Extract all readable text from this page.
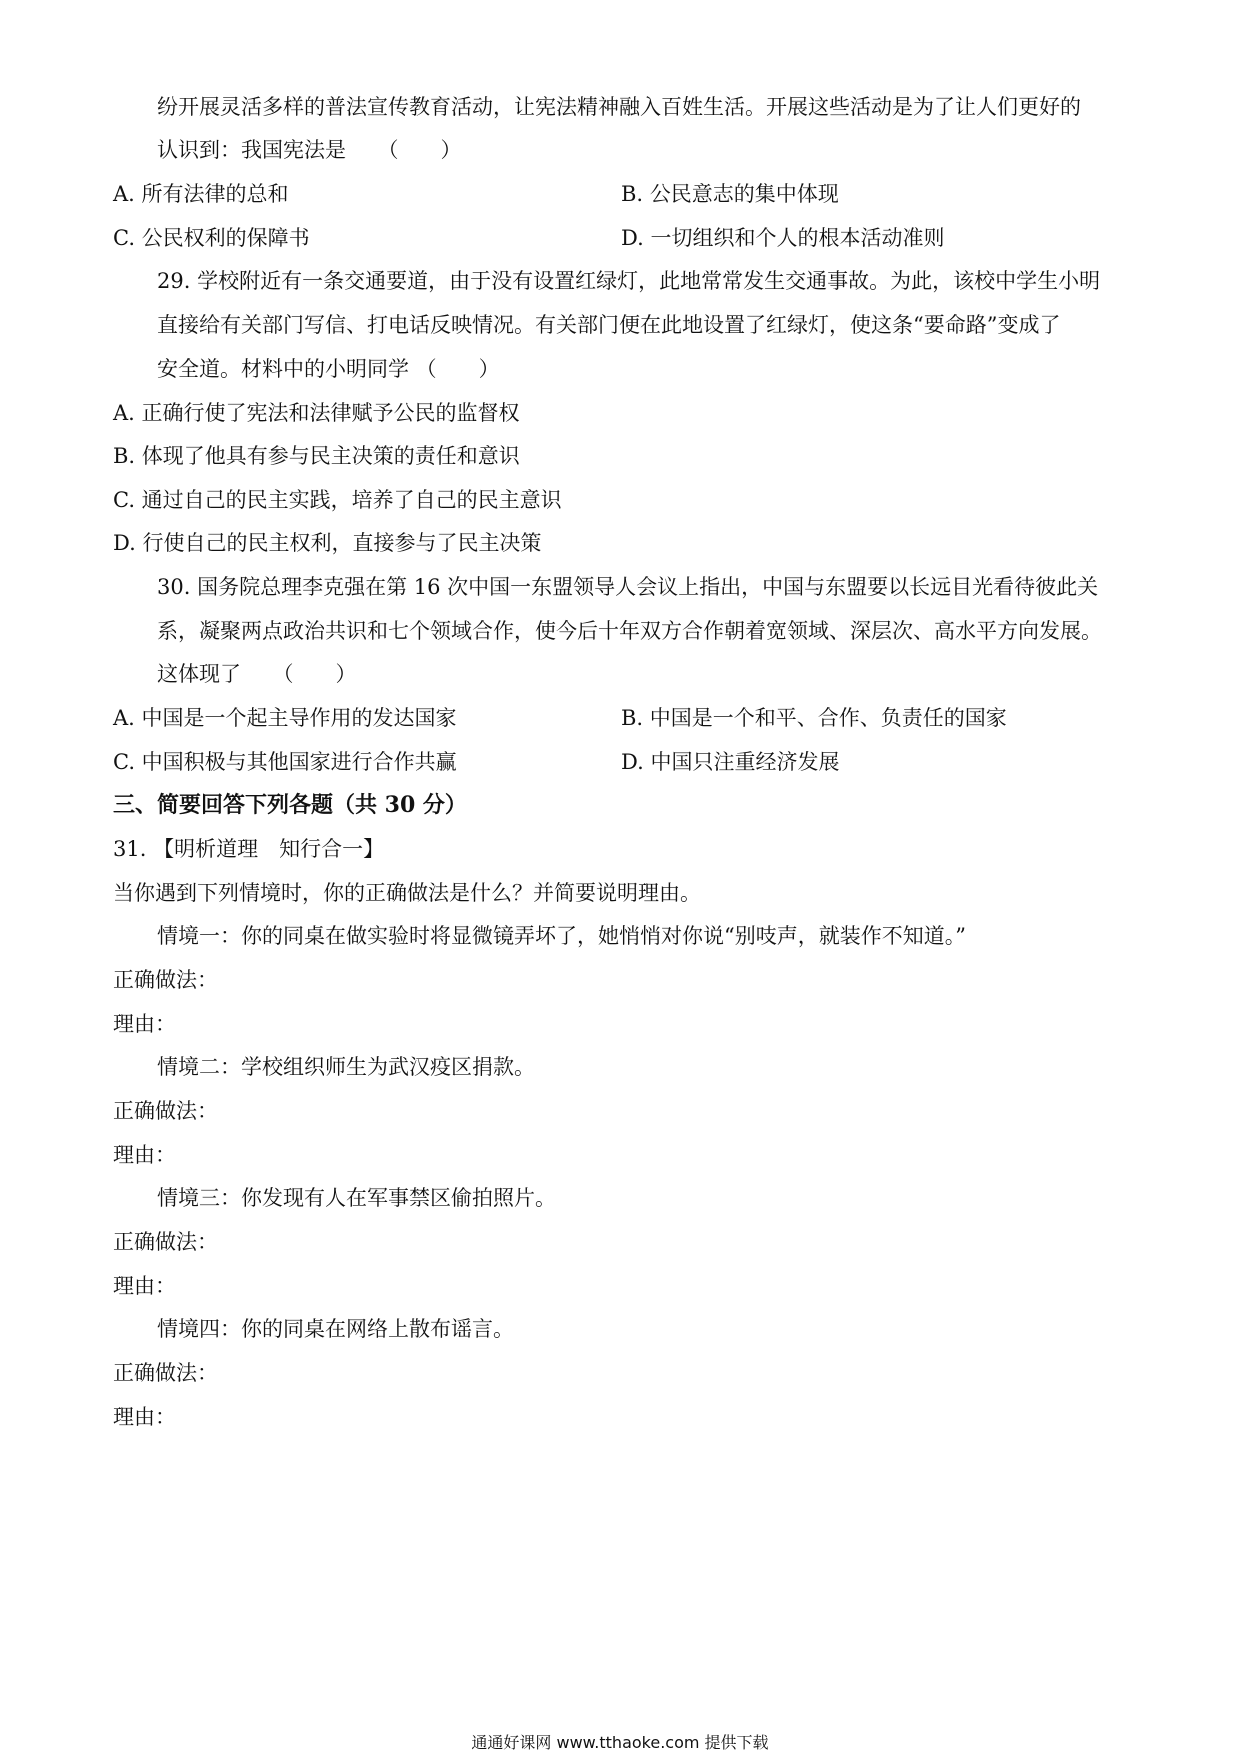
纷开展灵活多样的普法宣传教育活动，让宪法精神融入百姓生活。开展这些活动是为了让人们更好的
认识到：我国宪法是　　（　　）
A. 所有法律的总和	B. 公民意志的集中体现
C. 公民权利的保障书	D. 一切组织和个人的根本活动准则
29. 学校附近有一条交通要道，由于没有设置红绿灯，此地常常发生交通事故。为此，该校中学生小明
直接给有关部门写信、打电话反映情况。有关部门便在此地设置了红绿灯，使这条“要命路”变成了
安全道。材料中的小明同学 （　　）
A. 正确行使了宪法和法律赋予公民的监督权
B. 体现了他具有参与民主决策的责任和意识
C. 通过自己的民主实践，培养了自己的民主意识
D. 行使自己的民主权利，直接参与了民主决策
30. 国务院总理李克强在第 16 次中国一东盟领导人会议上指出，中国与东盟要以长远目光看待彼此关
系，凝聚两点政治共识和七个领域合作，使今后十年双方合作朝着宽领域、深层次、高水平方向发展。
这体现了　　（　　）
A. 中国是一个起主导作用的发达国家	B. 中国是一个和平、合作、负责任的国家
C. 中国积极与其他国家进行合作共赢	D. 中国只注重经济发展
三、简要回答下列各题（共 30 分）
31. 【明析道理　知行合一】
当你遇到下列情境时，你的正确做法是什么？并简要说明理由。
情境一：你的同桌在做实验时将显微镜弄坏了，她悄悄对你说“别吱声，就装作不知道。”
正确做法：
理由：
情境二：学校组织师生为武汉疫区捐款。
正确做法：
理由：
情境三：你发现有人在军事禁区偷拍照片。
正确做法：
理由：
情境四：你的同桌在网络上散布谣言。
正确做法：
理由：
通通好课网 www.tthaoke.com 提供下载
